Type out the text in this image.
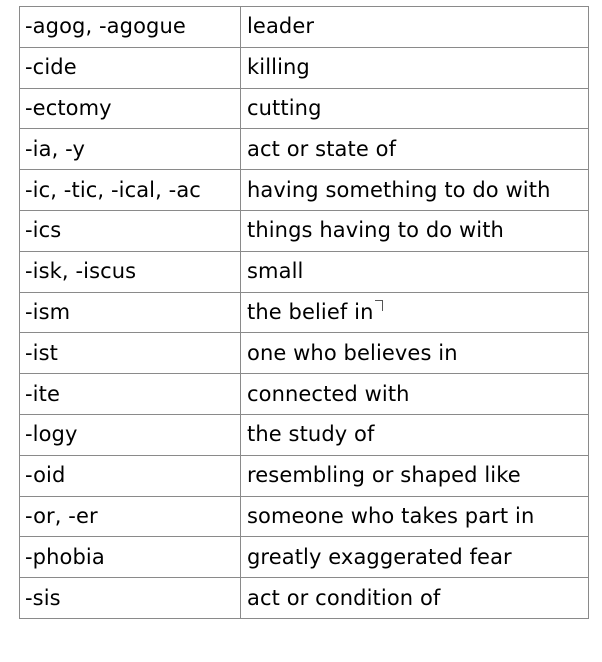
-agog, -agogue	leader
-cide	killing
-ectomy	cutting
-ia, -y	act or state of
-ic, -tic, -ical, -ac	having something to do with
-ics	things having to do with
-isk, -iscus	small
-ism	the belief in
-ist	one who believes in
-ite	connected with
-logy	the study of
-oid	resembling or shaped like
-or, -er	someone who takes part in
-phobia	greatly exaggerated fear
-sis	act or condition of
